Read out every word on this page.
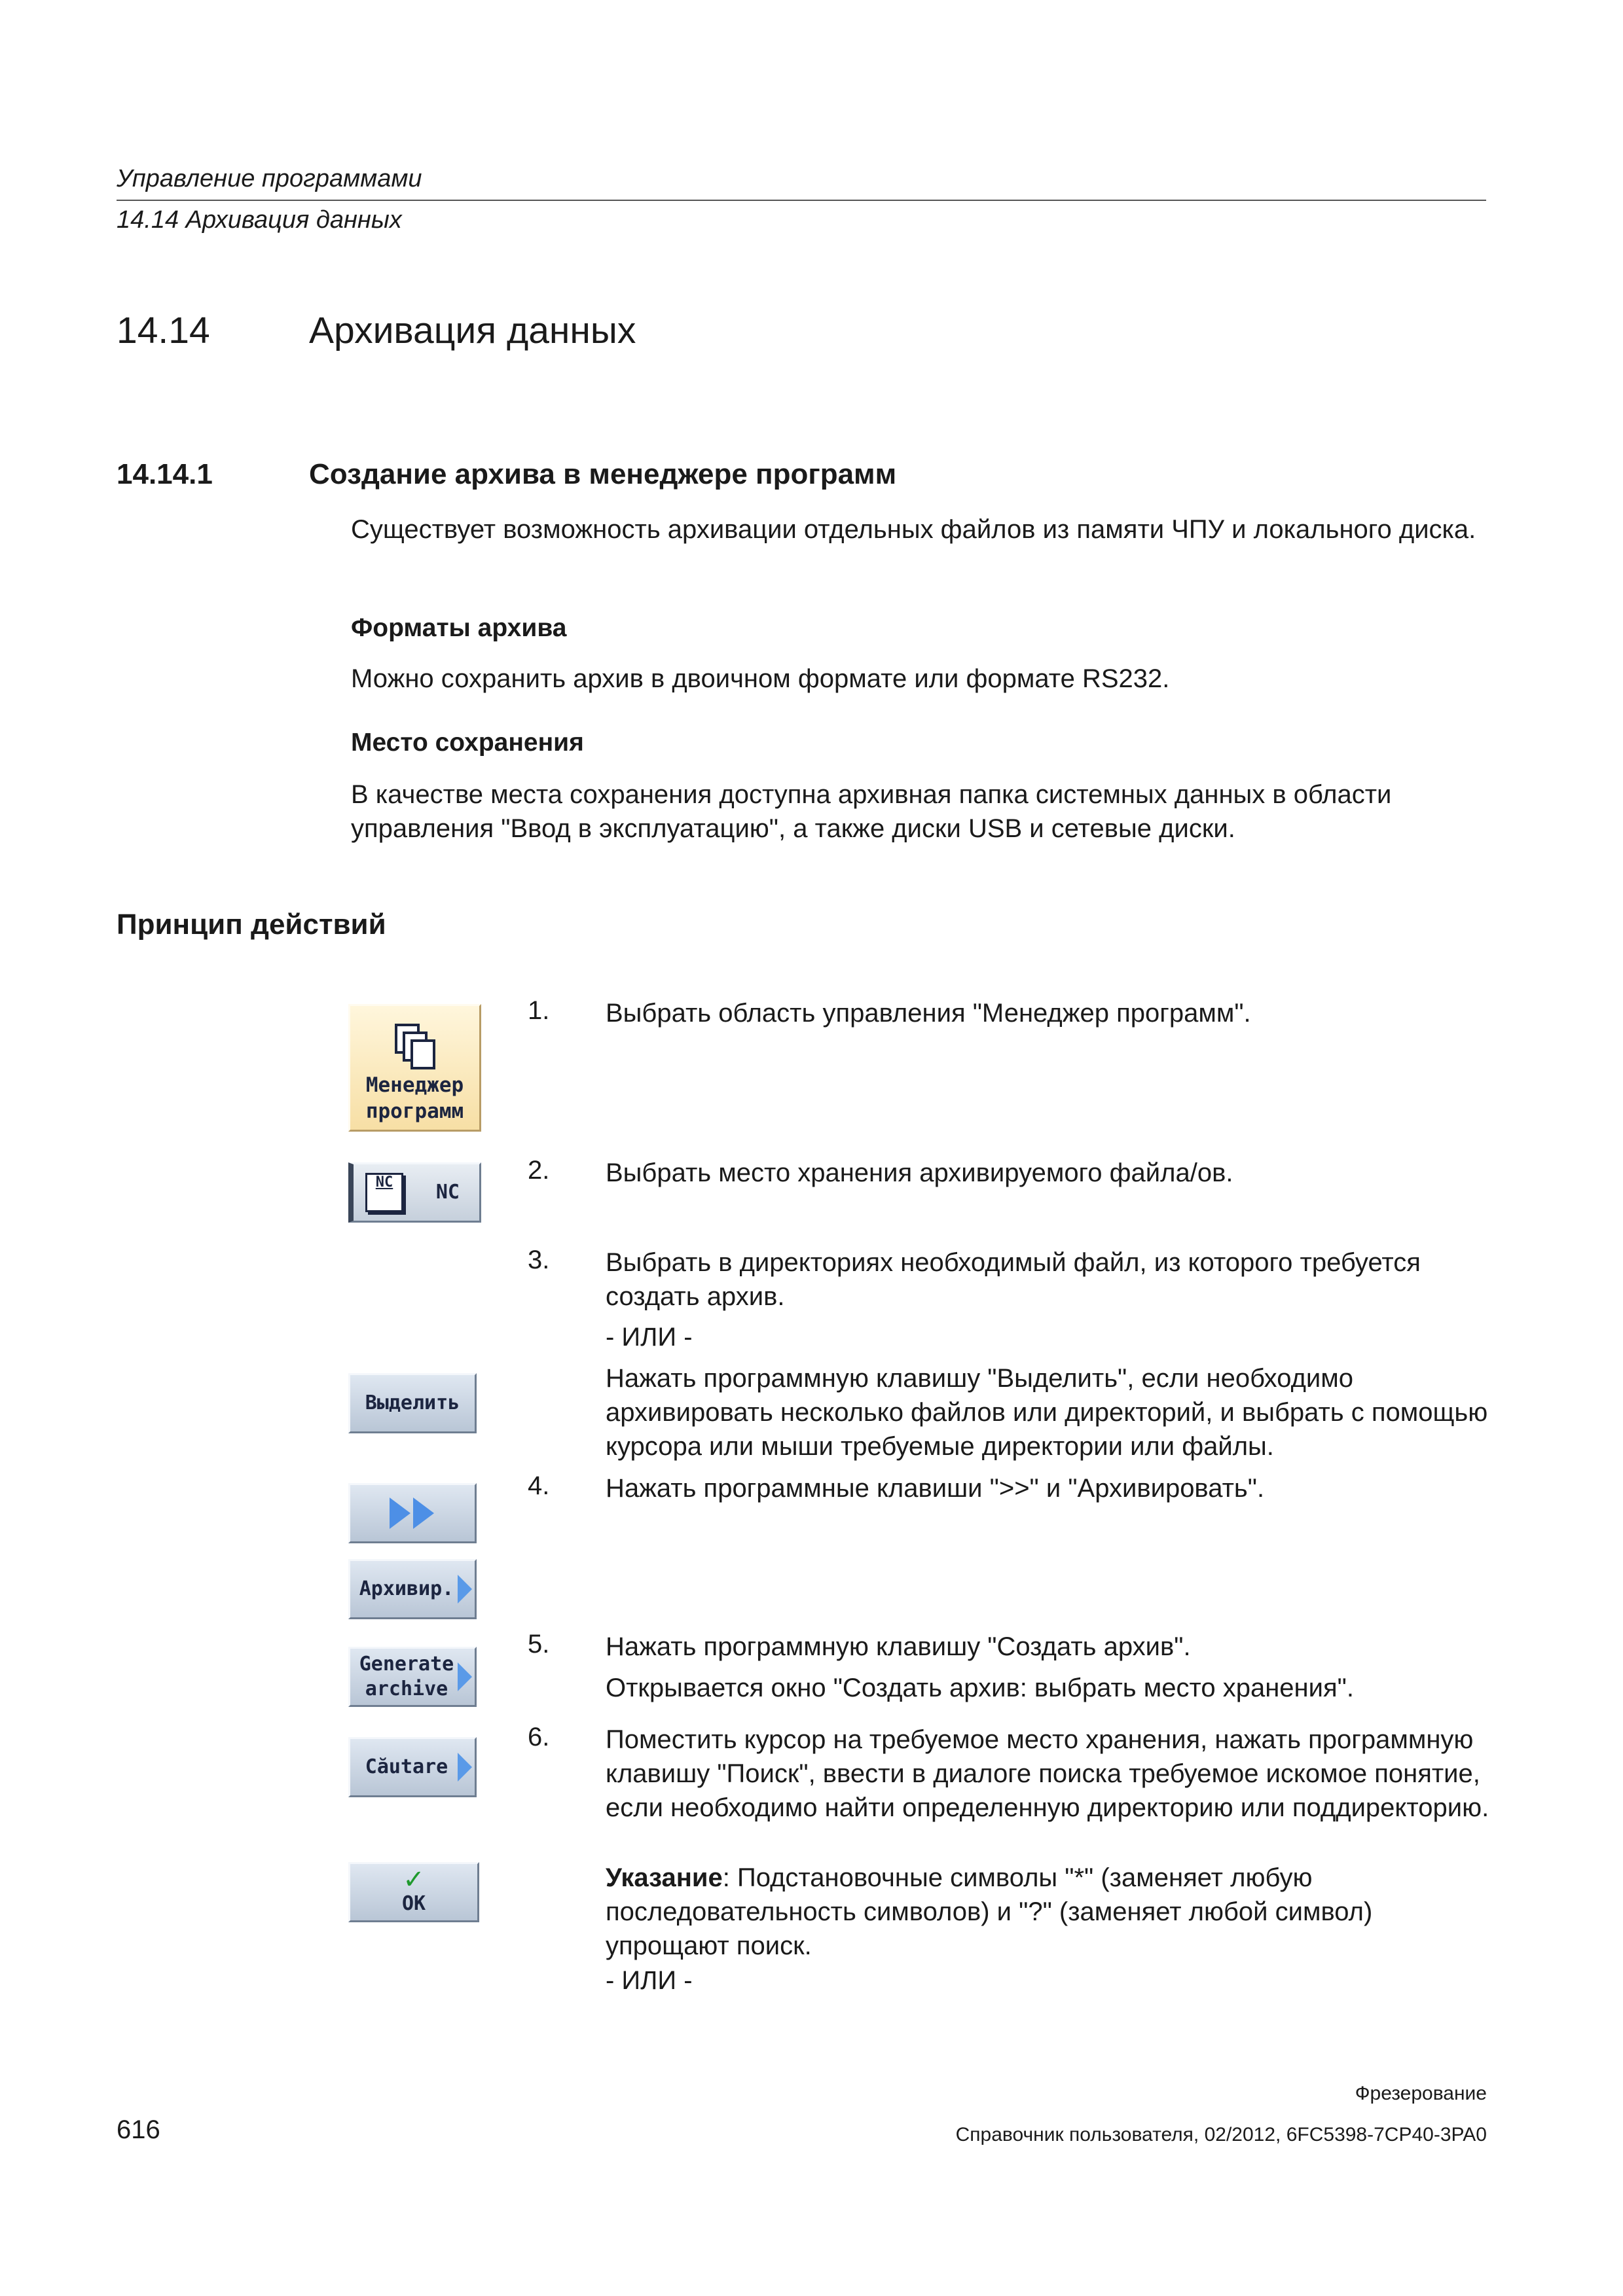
Управление программами
14.14 Архивация данных
14.14	Архивация данных
14.14.1	Создание архива в менеджере программ
Существует возможность архивации отдельных файлов из памяти ЧПУ и локального диска.
Форматы архива
Можно сохранить архив в двоичном формате или формате RS232.
Место сохранения
В качестве места сохранения доступна архивная папка системных данных в области управления "Ввод в эксплуатацию", а также диски USB и сетевые диски.
Принцип действий
Менеджер
программ
NC NC
Выделить
Архивир.
Generate
archive
Căutare
✓
OK
1. Выбрать область управления "Менеджер программ".
2. Выбрать место хранения архивируемого файла/ов.
3. Выбрать в директориях необходимый файл, из которого требуется создать архив.
- ИЛИ -
Нажать программную клавишу "Выделить", если необходимо архивировать несколько файлов или директорий, и выбрать с помощью курсора или мыши требуемые директории или файлы.
4. Нажать программные клавиши ">>" и "Архивировать".
5. Нажать программную клавишу "Создать архив".
Открывается окно "Создать архив: выбрать место хранения".
6. Поместить курсор на требуемое место хранения, нажать программную клавишу "Поиск", ввести в диалоге поиска требуемое искомое понятие, если необходимо найти определенную директорию или поддиректорию.
Указание: Подстановочные символы "*" (заменяет любую последовательность символов) и "?" (заменяет любой символ) упрощают поиск.
- ИЛИ -
Фрезерование
616	Справочник пользователя, 02/2012, 6FC5398-7CP40-3PA0
